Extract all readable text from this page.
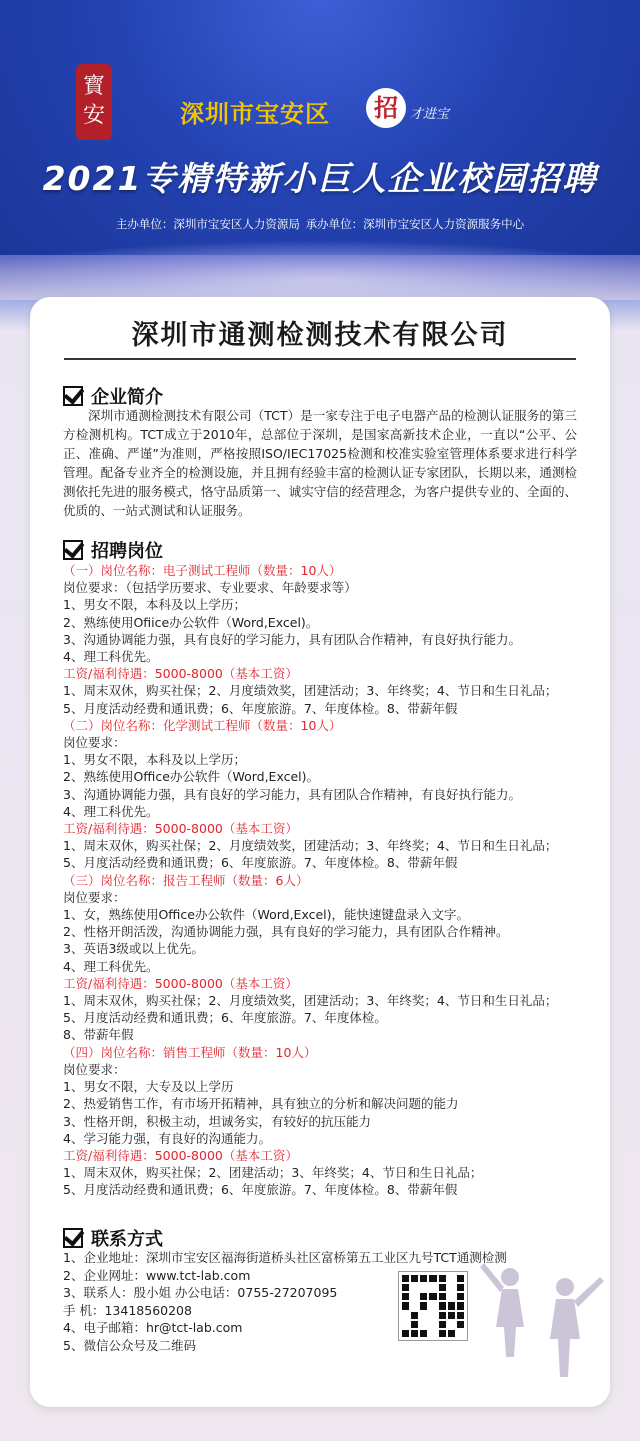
寳
安	深圳市宝安区	招 才进宝
2021专精特新小巨人企业校园招聘
主办单位：深圳市宝安区人力资源局 承办单位：深圳市宝安区人力资源服务中心
深圳市通测检测技术有限公司
企业简介
深圳市通测检测技术有限公司（TCT）是一家专注于电子电器产品的检测认证服务的第三方检测机构。TCT成立于2010年，总部位于深圳，是国家高新技术企业，一直以“公平、公正、准确、严谨”为准则，严格按照ISO/IEC17025检测和校准实验室管理体系要求进行科学管理。配备专业齐全的检测设施，并且拥有经验丰富的检测认证专家团队，长期以来，通测检测依托先进的服务模式，恪守品质第一、诚实守信的经营理念，为客户提供专业的、全面的、优质的、一站式测试和认证服务。
招聘岗位
（一）岗位名称：电子测试工程师（数量：10人）
岗位要求：（包括学历要求、专业要求、年龄要求等）
1、男女不限，本科及以上学历；
2、熟练使用Ofiice办公软件（Word,Excel)。
3、沟通协调能力强，具有良好的学习能力，具有团队合作精神，有良好执行能力。
4、理工科优先。
工资/福利待遇：5000-8000（基本工资）
1、周末双休，购买社保；2、月度绩效奖，团建活动；3、年终奖；4、节日和生日礼品；
5、月度活动经费和通讯费；6、年度旅游。7、年度体检。8、带薪年假
（二）岗位名称：化学测试工程师（数量：10人）
岗位要求：
1、男女不限，本科及以上学历；
2、熟练使用Office办公软件（Word,Excel)。
3、沟通协调能力强，具有良好的学习能力，具有团队合作精神，有良好执行能力。
4、理工科优先。
工资/福利待遇：5000-8000（基本工资）
1、周末双休，购买社保；2、月度绩效奖，团建活动；3、年终奖；4、节日和生日礼品；
5、月度活动经费和通讯费；6、年度旅游。7、年度体检。8、带薪年假
（三）岗位名称：报告工程师（数量：6人）
岗位要求：
1、女，熟练使用Office办公软件（Word,Excel)，能快速键盘录入文字。
2、性格开朗活泼，沟通协调能力强，具有良好的学习能力，具有团队合作精神。
3、英语3级或以上优先。
4、理工科优先。
工资/福利待遇：5000-8000（基本工资）
1、周末双休，购买社保；2、月度绩效奖，团建活动；3、年终奖；4、节日和生日礼品；
5、月度活动经费和通讯费；6、年度旅游。7、年度体检。
8、带薪年假
（四）岗位名称：销售工程师（数量：10人）
岗位要求：
1、男女不限，大专及以上学历
2、热爱销售工作，有市场开拓精神，具有独立的分析和解决问题的能力
3、性格开朗，积极主动，坦诚务实，有较好的抗压能力
4、学习能力强，有良好的沟通能力。
工资/福利待遇：5000-8000（基本工资）
1、周末双休，购买社保；2、团建活动；3、年终奖；4、节日和生日礼品；
5、月度活动经费和通讯费；6、年度旅游。7、年度体检。8、带薪年假
联系方式
1、企业地址：深圳市宝安区福海街道桥头社区富桥第五工业区九号TCT通测检测
2、企业网址：www.tct-lab.com
3、联系人：殷小姐 办公电话：0755-27207095
手 机：13418560208
4、电子邮箱：hr@tct-lab.com
5、微信公众号及二维码
